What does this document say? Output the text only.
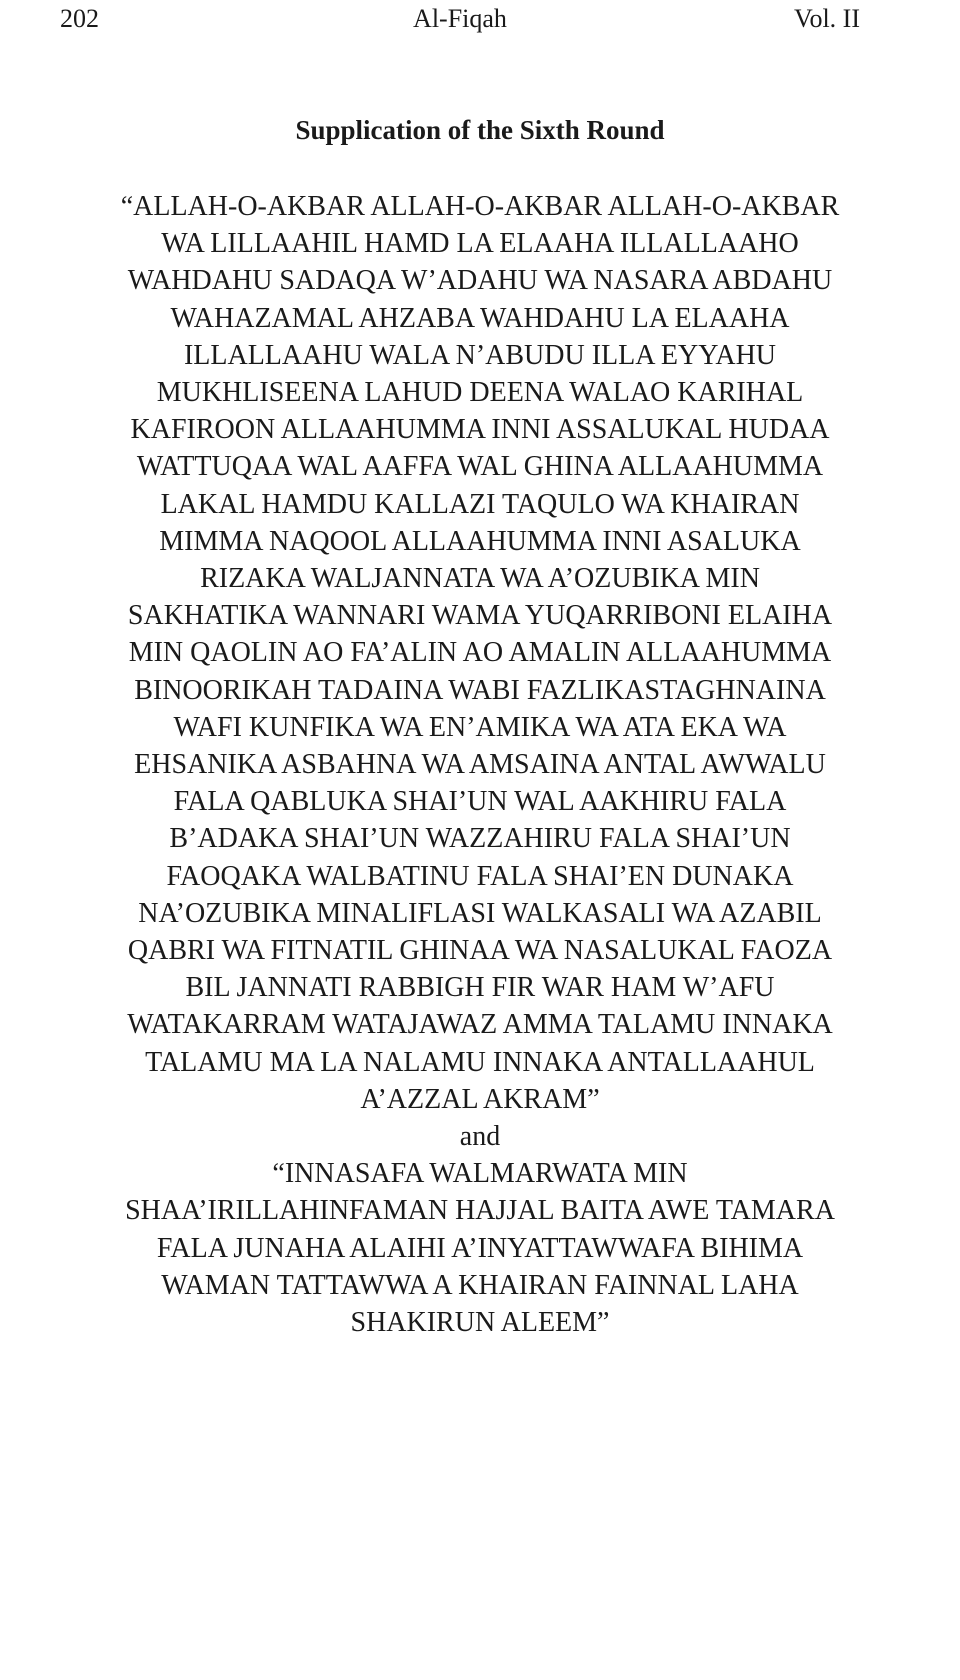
202	Al-Fiqah	Vol. II
Supplication of the Sixth Round
“ALLAH-O-AKBAR ALLAH-O-AKBAR ALLAH-O-AKBAR
WA LILLAAHIL HAMD LA ELAAHA ILLALLAAHO
WAHDAHU SADAQA W’ADAHU WA NASARA ABDAHU
WAHAZAMAL AHZABA WAHDAHU LA ELAAHA
ILLALLAAHU WALA N’ABUDU ILLA EYYAHU
MUKHLISEENA LAHUD DEENA WALAO KARIHAL
KAFIROON ALLAAHUMMA INNI ASSALUKAL HUDAA
WATTUQAA WAL AAFFA WAL GHINA ALLAAHUMMA
LAKAL HAMDU KALLAZI TAQULO WA KHAIRAN
MIMMA NAQOOL ALLAAHUMMA INNI ASALUKA
RIZAKA WALJANNATA WA A’OZUBIKA MIN
SAKHATIKA WANNARI WAMA YUQARRIBONI ELAIHA
MIN QAOLIN AO FA’ALIN AO AMALIN ALLAAHUMMA
BINOORIKAH TADAINA WABI FAZLIKASTAGHNAINA
WAFI KUNFIKA WA EN’AMIKA WA ATA EKA WA
EHSANIKA ASBAHNA WA AMSAINA ANTAL AWWALU
FALA QABLUKA SHAI’UN WAL AAKHIRU FALA
B’ADAKA SHAI’UN WAZZAHIRU FALA SHAI’UN
FAOQAKA WALBATINU FALA SHAI’EN DUNAKA
NA’OZUBIKA MINALIFLASI WALKASALI WA AZABIL
QABRI WA FITNATIL GHINAA WA NASALUKAL FAOZA
BIL JANNATI RABBIGH FIR WAR HAM W’AFU
WATAKARRAM WATAJAWAZ AMMA TALAMU INNAKA
TALAMU MA LA NALAMU INNAKA ANTALLAAHUL
A’AZZAL AKRAM”
and
“INNASAFA WALMARWATA MIN
SHAA’IRILLAHINFAMAN HAJJAL BAITA AWE TAMARA
FALA JUNAHA ALAIHI A’INYATTAWWAFA BIHIMA
WAMAN TATTAWWA A KHAIRAN FAINNAL LAHA
SHAKIRUN ALEEM”
